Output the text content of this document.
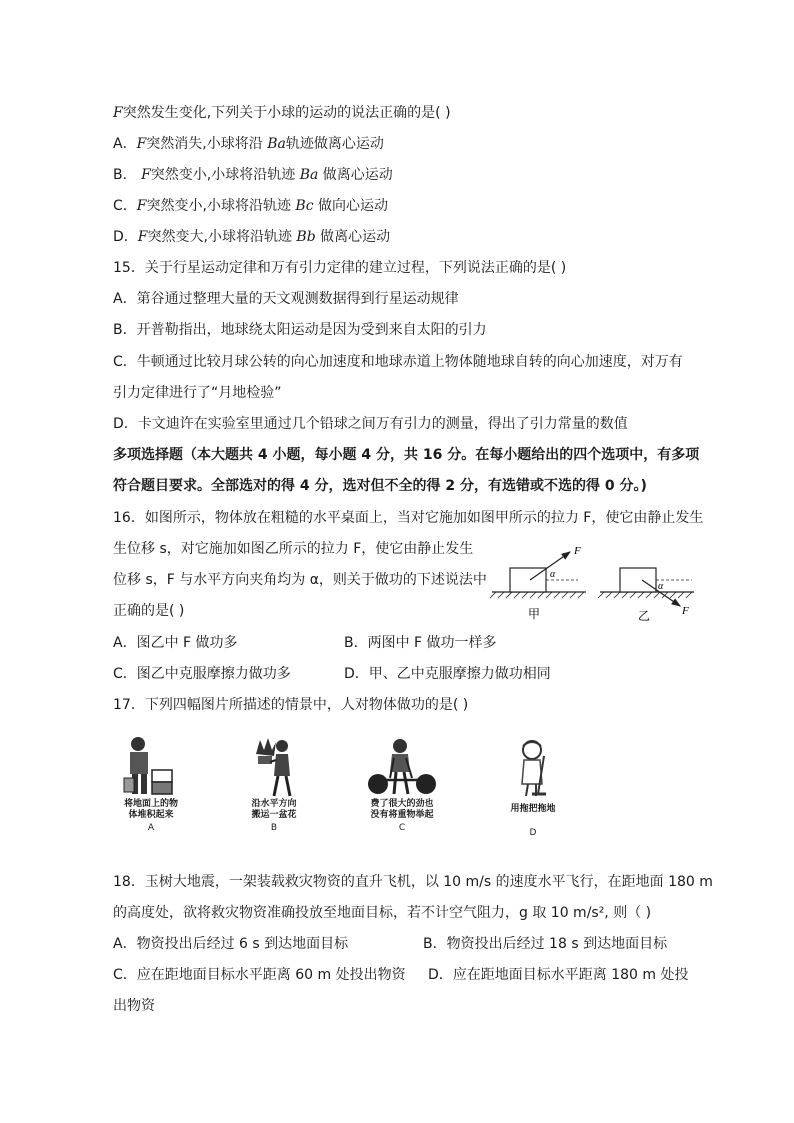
F突然发生变化,下列关于小球的运动的说法正确的是( )
A．F突然消失,小球将沿 Ba轨迹做离心运动
B． F突然变小,小球将沿轨迹 Ba 做离心运动
C．F突然变小,小球将沿轨迹 Bc 做向心运动
D．F突然变大,小球将沿轨迹 Bb 做离心运动
15．关于行星运动定律和万有引力定律的建立过程，下列说法正确的是( )
A．第谷通过整理大量的天文观测数据得到行星运动规律
B．开普勒指出，地球绕太阳运动是因为受到来自太阳的引力
C．牛顿通过比较月球公转的向心加速度和地球赤道上物体随地球自转的向心加速度，对万有
引力定律进行了“月地检验”
D．卡文迪许在实验室里通过几个铅球之间万有引力的测量，得出了引力常量的数值
多项选择题（本大题共 4 小题，每小题 4 分，共 16 分。在每小题给出的四个选项中，有多项
符合题目要求。全部选对的得 4 分，选对但不全的得 2 分，有选错或不选的得 0 分。)
16．如图所示，物体放在粗糙的水平桌面上，当对它施加如图甲所示的拉力 F，使它由静止发生
生位移 s，对它施加如图乙所示的拉力 F，使它由静止发生
位移 s，F 与水平方向夹角均为 α，则关于做功的下述说法中
正确的是( )
F
α
甲	F
α
乙
A．图乙中 F 做功多	B．两图中 F 做功一样多
C．图乙中克服摩擦力做功多	D．甲、乙中克服摩擦力做功相同
17．下列四幅图片所描述的情景中，人对物体做功的是( )
将地面上的物
体堆积起来
A
沿水平方向
搬运一盆花
B
费了很大的劲也
没有将重物举起
C
用拖把拖地
D
18．玉树大地震，一架装载救灾物资的直升飞机，以 10 m/s 的速度水平飞行，在距地面 180 m
的高度处，欲将救灾物资准确投放至地面目标，若不计空气阻力，g 取 10 m/s², 则（ )
A．物资投出后经过 6 s 到达地面目标	B．物资投出后经过 18 s 到达地面目标
C．应在距地面目标水平距离 60 m 处投出物资 D．应在距地面目标水平距离 180 m 处投
出物资
